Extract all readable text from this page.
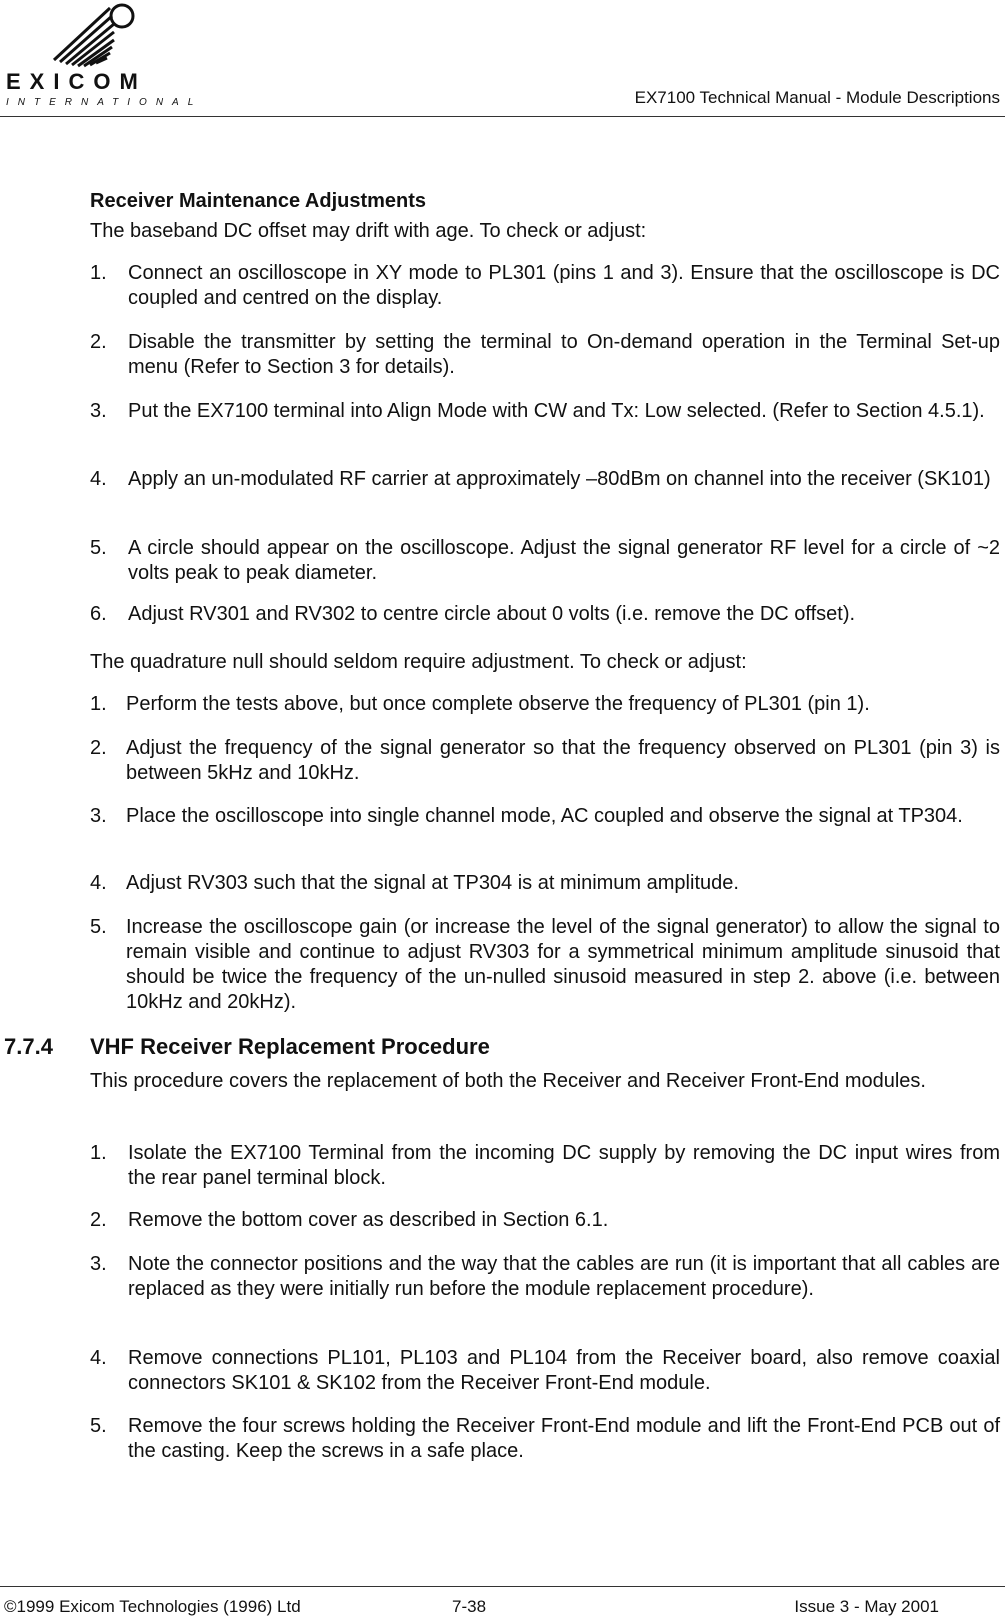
EXICOM
INTERNATIONAL	EX7100 Technical Manual - Module Descriptions
Receiver Maintenance Adjustments
The baseband DC offset may drift with age. To check or adjust:
1.	Connect an oscilloscope in XY mode to PL301 (pins 1 and 3). Ensure that the oscilloscope is DC coupled and centred on the display.
2.	Disable the transmitter by setting the terminal to On-demand operation in the Terminal Set-up menu (Refer to Section 3 for details).
3.	Put the EX7100 terminal into Align Mode with CW and Tx: Low selected. (Refer to Section 4.5.1).
4.	Apply an un-modulated RF carrier at approximately –80dBm on channel into the receiver (SK101)
5.	A circle should appear on the oscilloscope. Adjust the signal generator RF level for a circle of ~2 volts peak to peak diameter.
6.	Adjust RV301 and RV302 to centre circle about 0 volts (i.e. remove the DC offset).
The quadrature null should seldom require adjustment. To check or adjust:
1. Perform the tests above, but once complete observe the frequency of PL301 (pin 1).
2. Adjust the frequency of the signal generator so that the frequency observed on PL301 (pin 3) is between 5kHz and 10kHz.
3. Place the oscilloscope into single channel mode, AC coupled and observe the signal at TP304.
4. Adjust RV303 such that the signal at TP304 is at minimum amplitude.
5. Increase the oscilloscope gain (or increase the level of the signal generator) to allow the signal to remain visible and continue to adjust RV303 for a symmetrical minimum amplitude sinusoid that should be twice the frequency of the un-nulled sinusoid measured in step 2. above (i.e. between 10kHz and 20kHz).
7.7.4 VHF Receiver Replacement Procedure
This procedure covers the replacement of both the Receiver and Receiver Front-End modules.
1.	Isolate the EX7100 Terminal from the incoming DC supply by removing the DC input wires from the rear panel terminal block.
2.	Remove the bottom cover as described in Section 6.1.
3.	Note the connector positions and the way that the cables are run (it is important that all cables are replaced as they were initially run before the module replacement procedure).
4.	Remove connections PL101, PL103 and PL104 from the Receiver board, also remove coaxial connectors SK101 & SK102 from the Receiver Front-End module.
5.	Remove the four screws holding the Receiver Front-End module and lift the Front-End PCB out of the casting. Keep the screws in a safe place.
©1999 Exicom Technologies (1996) Ltd	7-38	Issue 3 - May 2001
